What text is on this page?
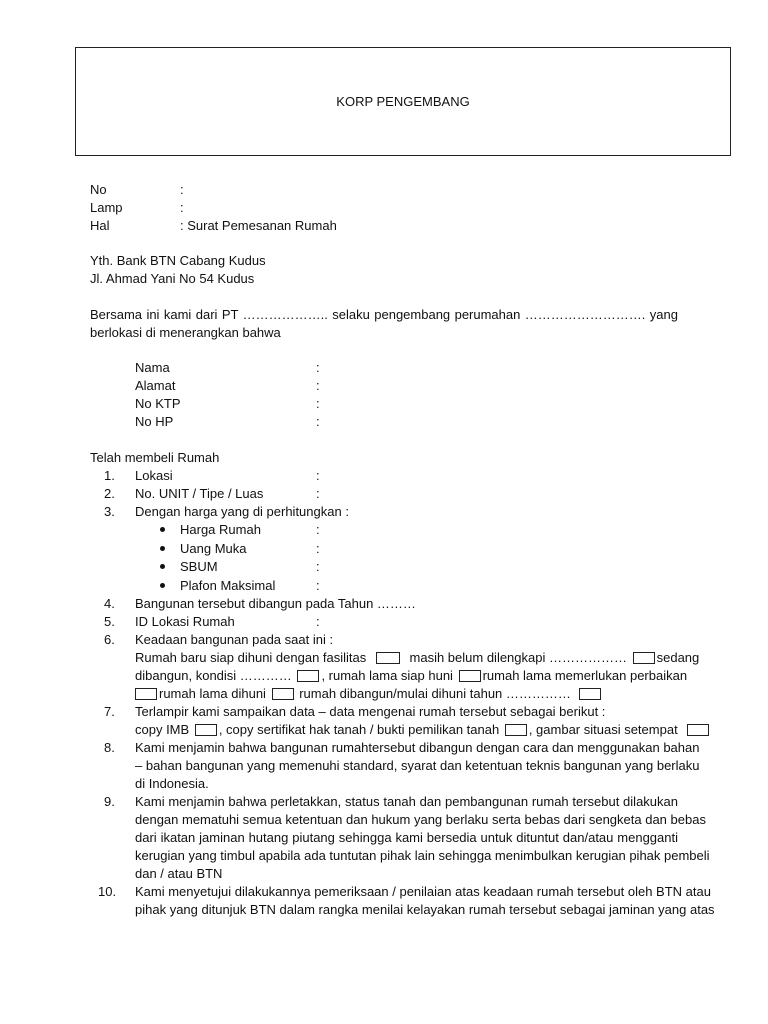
KORP PENGEMBANG
No	:
Lamp	:
Hal	: Surat Pemesanan Rumah
Yth. Bank BTN Cabang Kudus
Jl. Ahmad Yani No 54 Kudus
Bersama ini kami dari PT ……………….. selaku pengembang perumahan ………………………. yang
berlokasi di menerangkan bahwa
Nama	:
Alamat	:
No KTP	:
No HP	:
Telah membeli Rumah
1. Lokasi	:
2. No. UNIT / Tipe / Luas	:
3. Dengan harga yang di perhitungkan :
Harga Rumah	:
Uang Muka	:
SBUM	:
Plafon Maksimal	:
4. Bangunan tersebut dibangun pada Tahun ………
5. ID Lokasi Rumah	:
6. Keadaan bangunan pada saat ini :
Rumah baru siap dihuni dengan fasilitas	masih belum dilengkapi ……………… sedang
dibangun, kondisi ………… , rumah lama siap huni rumah lama memerlukan perbaikan
rumah lama dihuni	rumah dibangun/mulai dihuni tahun ……………
7. Terlampir kami sampaikan data – data mengenai rumah tersebut sebagai berikut :
copy IMB , copy sertifikat hak tanah / bukti pemilikan tanah , gambar situasi setempat
8. Kami menjamin bahwa bangunan rumahtersebut dibangun dengan cara dan menggunakan bahan
– bahan bangunan yang memenuhi standard, syarat dan ketentuan teknis bangunan yang berlaku
di Indonesia.
9. Kami menjamin bahwa perletakkan, status tanah dan pembangunan rumah tersebut dilakukan
dengan mematuhi semua ketentuan dan hukum yang berlaku serta bebas dari sengketa dan bebas
dari ikatan jaminan hutang piutang sehingga kami bersedia untuk dituntut dan/atau mengganti
kerugian yang timbul apabila ada tuntutan pihak lain sehingga menimbulkan kerugian pihak pembeli
dan / atau BTN
10. Kami menyetujui dilakukannya pemeriksaan / penilaian atas keadaan rumah tersebut oleh BTN atau
pihak yang ditunjuk BTN dalam rangka menilai kelayakan rumah tersebut sebagai jaminan yang atas
